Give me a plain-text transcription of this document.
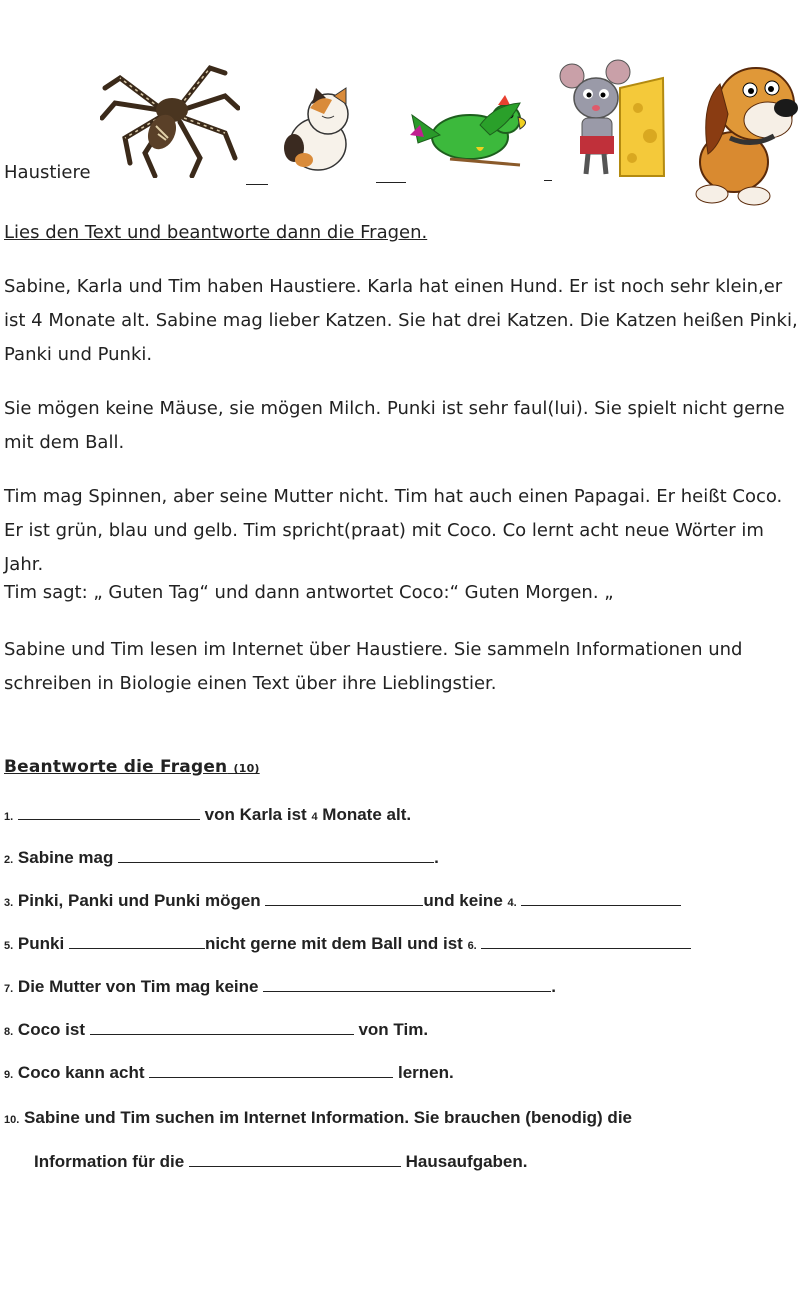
Haustiere
Lies den Text und beantworte dann die Fragen.
Sabine, Karla und Tim haben Haustiere. Karla hat einen Hund. Er ist noch sehr klein,er ist 4 Monate alt. Sabine mag lieber Katzen. Sie hat drei Katzen. Die Katzen heißen Pinki, Panki und Punki.
Sie mögen keine Mäuse, sie mögen Milch. Punki ist sehr faul(lui). Sie spielt nicht gerne mit dem Ball.
Tim mag Spinnen, aber seine Mutter nicht. Tim hat auch einen Papagai. Er heißt Coco. Er ist grün, blau und gelb. Tim spricht(praat) mit Coco. Co lernt acht neue Wörter im Jahr.
Tim sagt: „ Guten Tag“ und dann antwortet Coco:“ Guten Morgen. „
Sabine und Tim lesen im Internet über Haustiere. Sie sammeln Informationen und schreiben in Biologie einen Text über ihre Lieblingstier.
Beantworte die Fragen (10)
1.	von Karla ist 4 Monate alt.
2. Sabine mag	.
3. Pinki, Panki und Punki mögen	und keine 4.
5. Punki	nicht gerne mit dem Ball und ist 6.
7. Die Mutter von Tim mag keine	.
8. Coco ist	von Tim.
9. Coco kann acht	lernen.
10. Sabine und Tim suchen im Internet Information. Sie brauchen (benodig) die
Information für die	Hausaufgaben.
